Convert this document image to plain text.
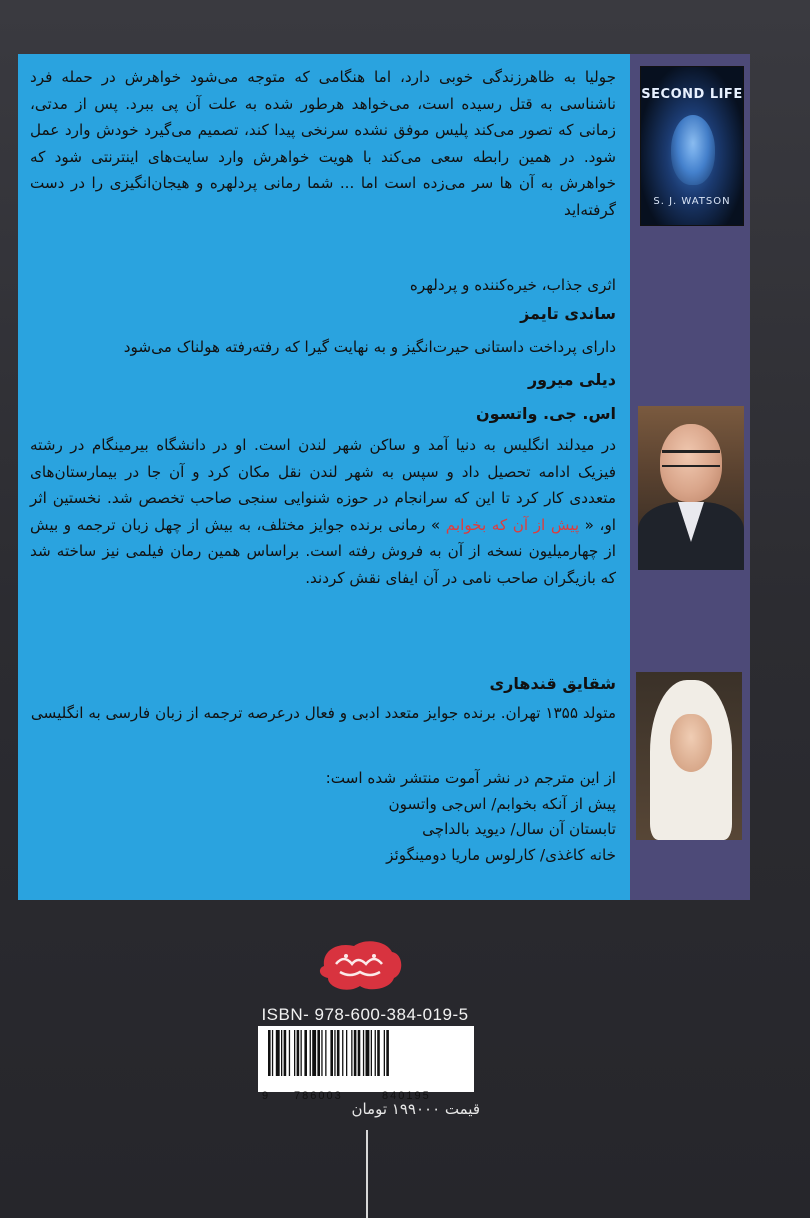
جولیا به ظاهرزندگی خوبی دارد، اما هنگامی که متوجه می‌شود خواهرش در حمله فرد ناشناسی به قتل رسیده است، می‌خواهد هرطور شده به علت آن پی ببرد. پس از مدتی، زمانی که تصور می‌کند پلیس موفق نشده سرنخی پیدا کند، تصمیم می‌گیرد خودش وارد عمل شود. در همین رابطه سعی می‌کند با هویت خواهرش وارد سایت‌های اینترنتی شود که خواهرش به آن ها سر می‌زده است اما ... شما رمانی پردلهره و هیجان‌انگیزی را در دست گرفته‌اید

اثری جذاب، خیره‌کننده و پردلهره
ساندی تایمز
دارای پرداخت داستانی حیرت‌انگیز و به نهایت گیرا که رفته‌رفته هولناک می‌شود
دیلی میرور
اس. جی. واتسون

در میدلند انگلیس به دنیا آمد و ساکن شهر لندن است. او در دانشگاه بیرمینگام در رشته فیزیک ادامه تحصیل داد و سپس به شهر لندن نقل مکان کرد و آن جا در بیمارستان‌های متعددی کار کرد تا این که سرانجام در حوزه شنوایی سنجی صاحب تخصص شد. نخستین اثر او، « پیش از آن که بخوابم » رمانی برنده جوایز مختلف، به بیش از چهل زبان ترجمه و بیش از چهارمیلیون نسخه از آن به فروش رفته است. براساس همین رمان فیلمی نیز ساخته شد که بازیگران صاحب نامی در آن ایفای نقش کردند.

شقایق قندهاری

متولد ۱۳۵۵ تهران. برنده جوایز متعدد ادبی و فعال درعرصه ترجمه از زبان فارسی به انگلیسی

از این مترجم در نشر آموت منتشر شده است:
پیش از آنکه بخوابم/ اس‌جی واتسون
تابستان آن سال/ دیوید بالداچی
خانه کاغذی/ کارلوس ماریا دومینگوئز
SECOND LIFE
S. J. WATSON
ISBN- 978-600-384-019-5
9 786003	840195
قیمت ۱۹۹۰۰۰ تومان
